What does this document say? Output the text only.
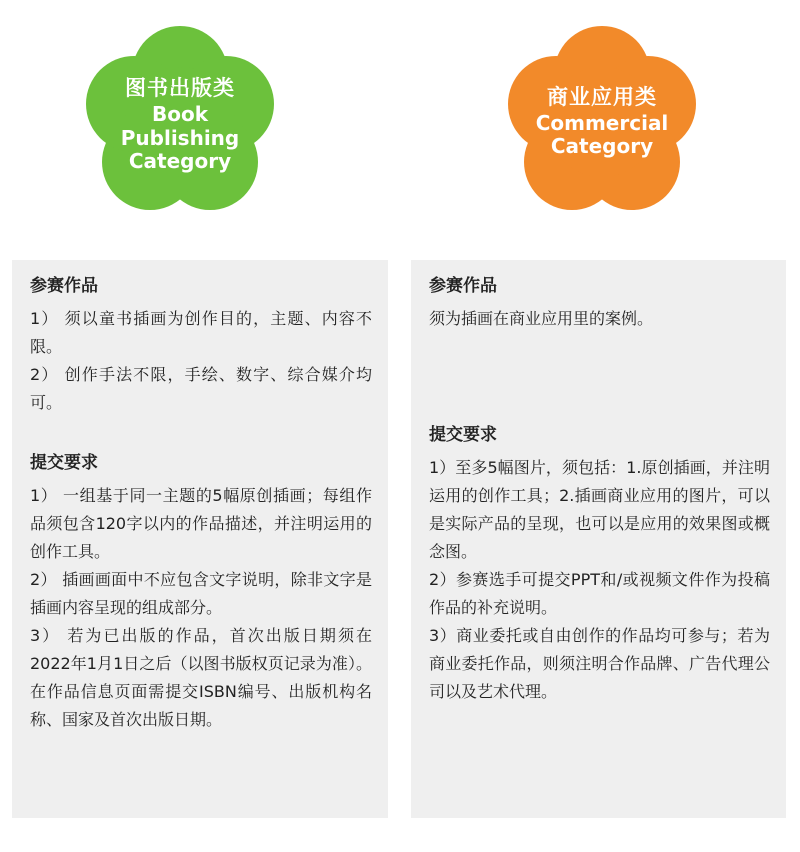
图书出版类
Book
Publishing
Category
商业应用类
Commercial
Category
参赛作品

1） 须以童书插画为创作目的，主题、内容不限。

2） 创作手法不限，手绘、数字、综合媒介均可。

提交要求

1） 一组基于同一主题的5幅原创插画；每组作品须包含120字以内的作品描述，并注明运用的创作工具。

2） 插画画面中不应包含文字说明，除非文字是插画内容呈现的组成部分。

3） 若为已出版的作品，首次出版日期须在2022年1月1日之后（以图书版权页记录为准）。在作品信息页面需提交ISBN编号、出版机构名称、国家及首次出版日期。

参赛作品

须为插画在商业应用里的案例。

提交要求

1）至多5幅图片，须包括：1.原创插画，并注明运用的创作工具；2.插画商业应用的图片，可以是实际产品的呈现，也可以是应用的效果图或概念图。

2）参赛选手可提交PPT和/或视频文件作为投稿作品的补充说明。

3）商业委托或自由创作的作品均可参与；若为商业委托作品，则须注明合作品牌、广告代理公司以及艺术代理。
